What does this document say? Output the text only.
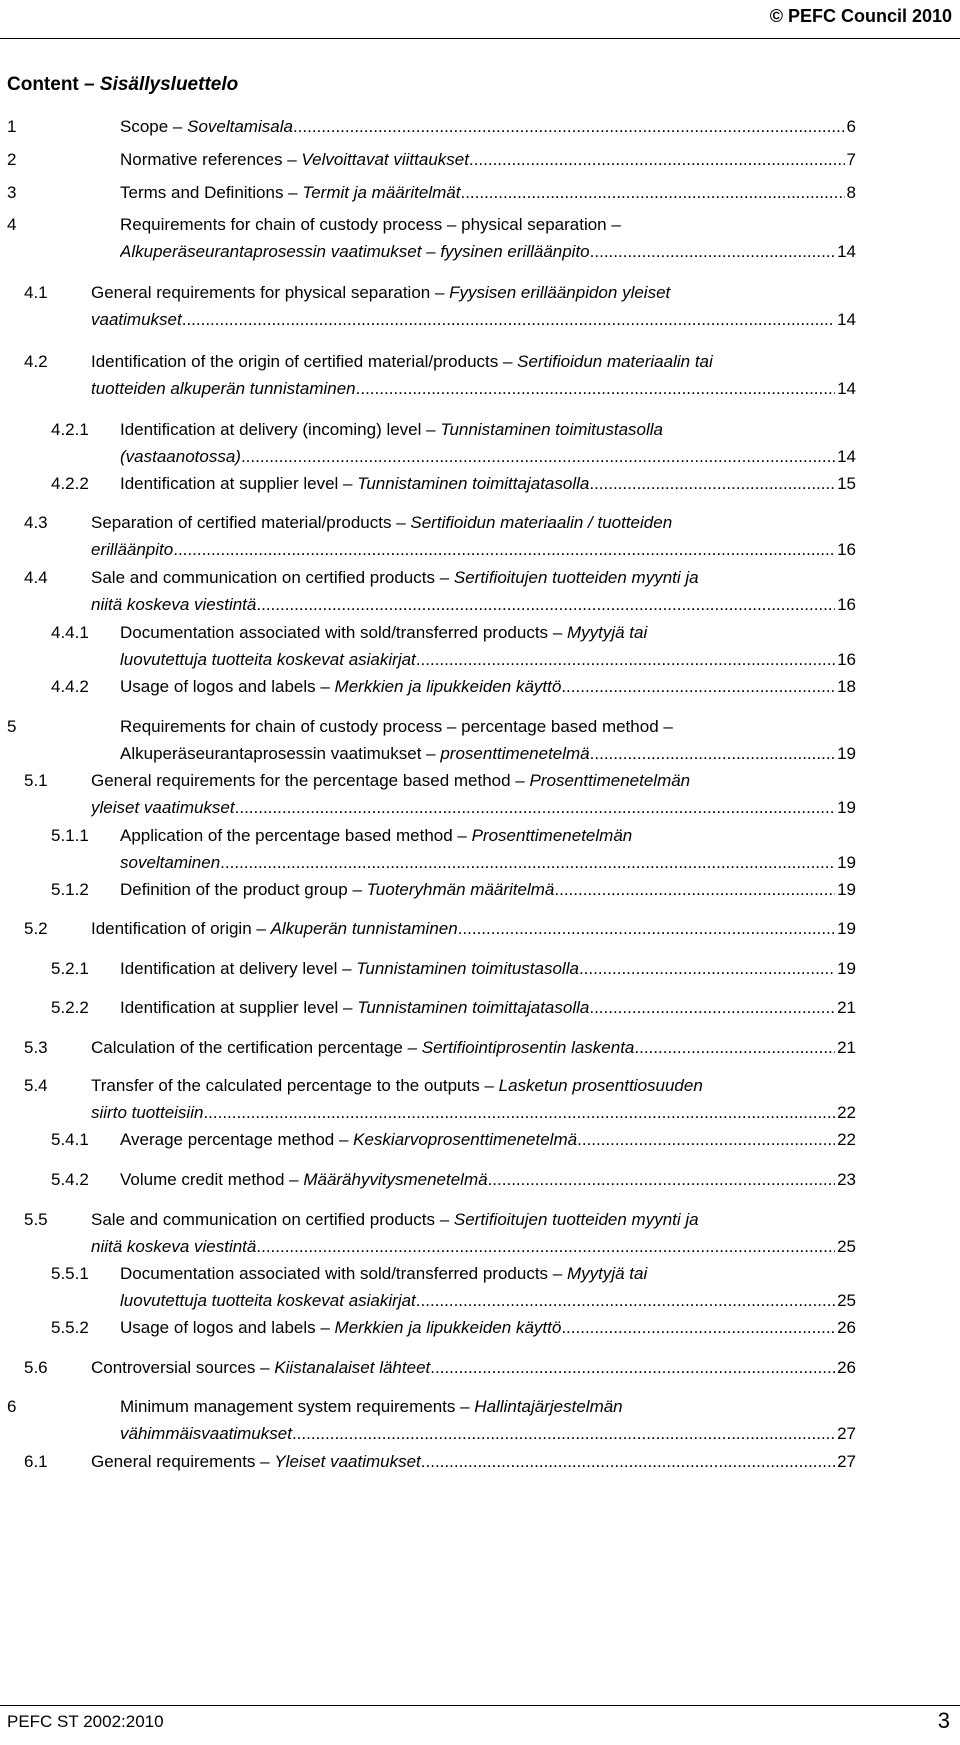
© PEFC Council 2010
Content – Sisällysluettelo
1	Scope – Soveltamisala .....	6
2	Normative references – Velvoittavat viittaukset .....	7
3	Terms and Definitions – Termit ja määritelmät .....	8
4	Requirements for chain of custody process – physical separation –
Alkuperäseurantaprosessin vaatimukset – fyysinen erilläänpito .....	14
4.1	General requirements for physical separation – Fyysisen erilläänpidon yleiset
vaatimukset .....	14
4.2	Identification of the origin of certified material/products – Sertifioidun materiaalin tai
tuotteiden alkuperän tunnistaminen .....	14
4.2.1 Identification at delivery (incoming) level – Tunnistaminen toimitustasolla
(vastaanotossa) .....	14
4.2.2 Identification at supplier level – Tunnistaminen toimittajatasolla .....	15
4.3	Separation of certified material/products – Sertifioidun materiaalin / tuotteiden
erilläänpito .....	16
4.4	Sale and communication on certified products – Sertifioitujen tuotteiden myynti ja
niitä koskeva viestintä .....	16
4.4.1 Documentation associated with sold/transferred products – Myytyjä tai
luovutettuja tuotteita koskevat asiakirjat .....	16
4.4.2 Usage of logos and labels – Merkkien ja lipukkeiden käyttö .....	18
5	Requirements for chain of custody process – percentage based method –
Alkuperäseurantaprosessin vaatimukset – prosenttimenetelmä .....	19
5.1	General requirements for the percentage based method – Prosenttimenetelmän
yleiset vaatimukset .....	19
5.1.1 Application of the percentage based method – Prosenttimenetelmän
soveltaminen .....	19
5.1.2 Definition of the product group – Tuoteryhmän määritelmä .....	19
5.2	Identification of origin – Alkuperän tunnistaminen .....	19
5.2.1 Identification at delivery level – Tunnistaminen toimitustasolla .....	19
5.2.2 Identification at supplier level – Tunnistaminen toimittajatasolla .....	21
5.3	Calculation of the certification percentage – Sertifiointiprosentin laskenta .....	21
5.4	Transfer of the calculated percentage to the outputs – Lasketun prosenttiosuuden
siirto tuotteisiin .....	22
5.4.1 Average percentage method – Keskiarvoprosenttimenetelmä .....	22
5.4.2 Volume credit method – Määrähyvitysmenetelmä .....	23
5.5	Sale and communication on certified products – Sertifioitujen tuotteiden myynti ja
niitä koskeva viestintä .....	25
5.5.1 Documentation associated with sold/transferred products – Myytyjä tai
luovutettuja tuotteita koskevat asiakirjat .....	25
5.5.2 Usage of logos and labels – Merkkien ja lipukkeiden käyttö .....	26
5.6	Controversial sources – Kiistanalaiset lähteet .....	26
6	Minimum management system requirements – Hallintajärjestelmän
vähimmäisvaatimukset .....	27
6.1	General requirements – Yleiset vaatimukset .....	27
PEFC ST 2002:2010	3
